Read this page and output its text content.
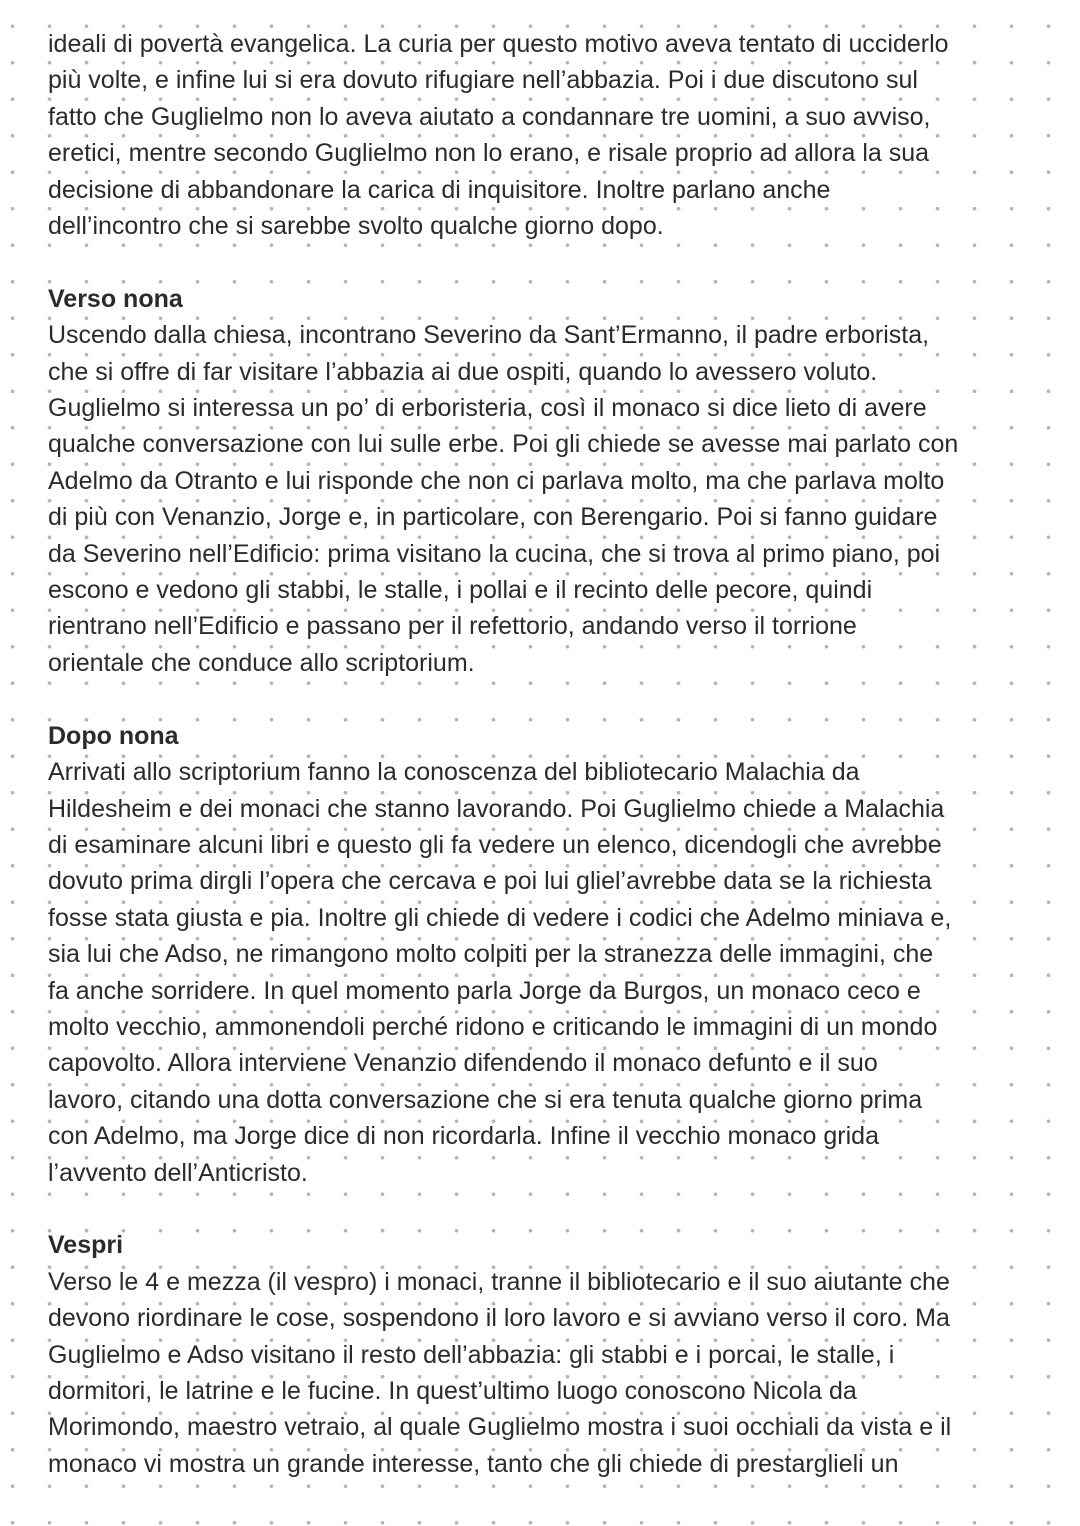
ideali di povertà evangelica. La curia per questo motivo aveva tentato di ucciderlo
più volte, e infine lui si era dovuto rifugiare nell’abbazia. Poi i due discutono sul
fatto che Guglielmo non lo aveva aiutato a condannare tre uomini, a suo avviso,
eretici, mentre secondo Guglielmo non lo erano, e risale proprio ad allora la sua
decisione di abbandonare la carica di inquisitore. Inoltre parlano anche
dell’incontro che si sarebbe svolto qualche giorno dopo.

Verso nona

Uscendo dalla chiesa, incontrano Severino da Sant’Ermanno, il padre erborista,
che si offre di far visitare l’abbazia ai due ospiti, quando lo avessero voluto.
Guglielmo si interessa un po’ di erboristeria, così il monaco si dice lieto di avere
qualche conversazione con lui sulle erbe. Poi gli chiede se avesse mai parlato con
Adelmo da Otranto e lui risponde che non ci parlava molto, ma che parlava molto
di più con Venanzio, Jorge e, in particolare, con Berengario. Poi si fanno guidare
da Severino nell’Edificio: prima visitano la cucina, che si trova al primo piano, poi
escono e vedono gli stabbi, le stalle, i pollai e il recinto delle pecore, quindi
rientrano nell’Edificio e passano per il refettorio, andando verso il torrione
orientale che conduce allo scriptorium.

Dopo nona

Arrivati allo scriptorium fanno la conoscenza del bibliotecario Malachia da
Hildesheim e dei monaci che stanno lavorando. Poi Guglielmo chiede a Malachia
di esaminare alcuni libri e questo gli fa vedere un elenco, dicendogli che avrebbe
dovuto prima dirgli l’opera che cercava e poi lui gliel’avrebbe data se la richiesta
fosse stata giusta e pia. Inoltre gli chiede di vedere i codici che Adelmo miniava e,
sia lui che Adso, ne rimangono molto colpiti per la stranezza delle immagini, che
fa anche sorridere. In quel momento parla Jorge da Burgos, un monaco ceco e
molto vecchio, ammonendoli perché ridono e criticando le immagini di un mondo
capovolto. Allora interviene Venanzio difendendo il monaco defunto e il suo
lavoro, citando una dotta conversazione che si era tenuta qualche giorno prima
con Adelmo, ma Jorge dice di non ricordarla. Infine il vecchio monaco grida
l’avvento dell’Anticristo.

Vespri

Verso le 4 e mezza (il vespro) i monaci, tranne il bibliotecario e il suo aiutante che
devono riordinare le cose, sospendono il loro lavoro e si avviano verso il coro. Ma
Guglielmo e Adso visitano il resto dell’abbazia: gli stabbi e i porcai, le stalle, i
dormitori, le latrine e le fucine. In quest’ultimo luogo conoscono Nicola da
Morimondo, maestro vetraio, al quale Guglielmo mostra i suoi occhiali da vista e il
monaco vi mostra un grande interesse, tanto che gli chiede di prestarglieli un
